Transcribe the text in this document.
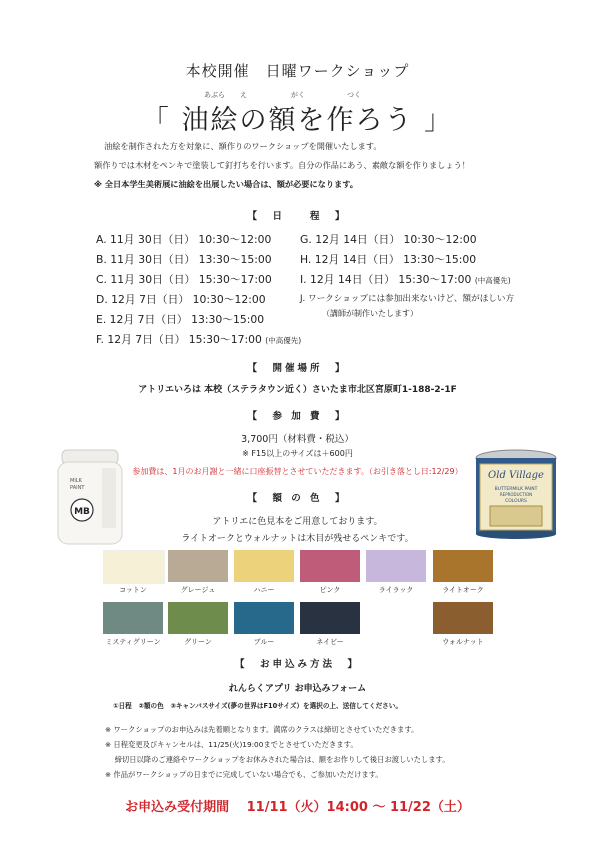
本校開催　日曜ワークショップ
あぶら え	がく	つく
「 油絵の額を作ろう 」
油絵を制作された方を対象に、額作りのワークショップを開催いたします。
額作りでは木材をペンキで塗装して釘打ちを行います。自分の作品にあう、素敵な額を作りましょう！
※ 全日本学生美術展に油絵を出展したい場合は、額が必要になります。
【　日　　程　】
A. 11月 30日（日） 10:30〜12:00
B. 11月 30日（日） 13:30〜15:00
C. 11月 30日（日） 15:30〜17:00
D. 12月 7日（日） 10:30〜12:00
E. 12月 7日（日） 13:30〜15:00
F. 12月 7日（日） 15:30〜17:00 (中高優先)
G. 12月 14日（日） 10:30〜12:00
H. 12月 14日（日） 13:30〜15:00
I. 12月 14日（日） 15:30〜17:00 (中高優先)
J. ワークショップには参加出来ないけど、額がほしい方
（講師が制作いたします）
【　開催場所　】
アトリエいろは 本校（ステラタウン近く）さいたま市北区宮原町1-188-2-1F
【　参 加 費　】
3,700円（材料費・税込）
※ F15以上のサイズは＋600円
参加費は、1月のお月謝と一緒に口座振替とさせていただきます。（お引き落とし日:12/29）
MILK
PAINT
MB
Old Village
BUTTERMILK PAINT
REPRODUCTION
COLOURS
【　額 の 色　】
アトリエに色見本をご用意しております。
ライトオークとウォルナットは木目が残せるペンキです。
コットン	グレージュ	ハニー	ピンク	ライラック	ライトオーク
ミスティグリーン	グリーン	ブルー	ネイビー	ウォルナット
【　お申込み方法　】
れんらくアプリ お申込みフォーム
①日程　②額の色　③キャンバスサイズ(夢の世界はF10サイズ）を選択の上、送信してください。
※ ワークショップのお申込みは先着順となります。満席のクラスは締切とさせていただきます。
※ 日程変更及びキャンセルは、11/25(火)19:00までとさせていただきます。
　 締切日以降のご連絡やワークショップをお休みされた場合は、額をお作りして後日お渡しいたします。
※ 作品がワークショップの日までに完成していない場合でも、ご参加いただけます。
お申込み受付期間　 11/11（火）14:00 〜 11/22（土）
